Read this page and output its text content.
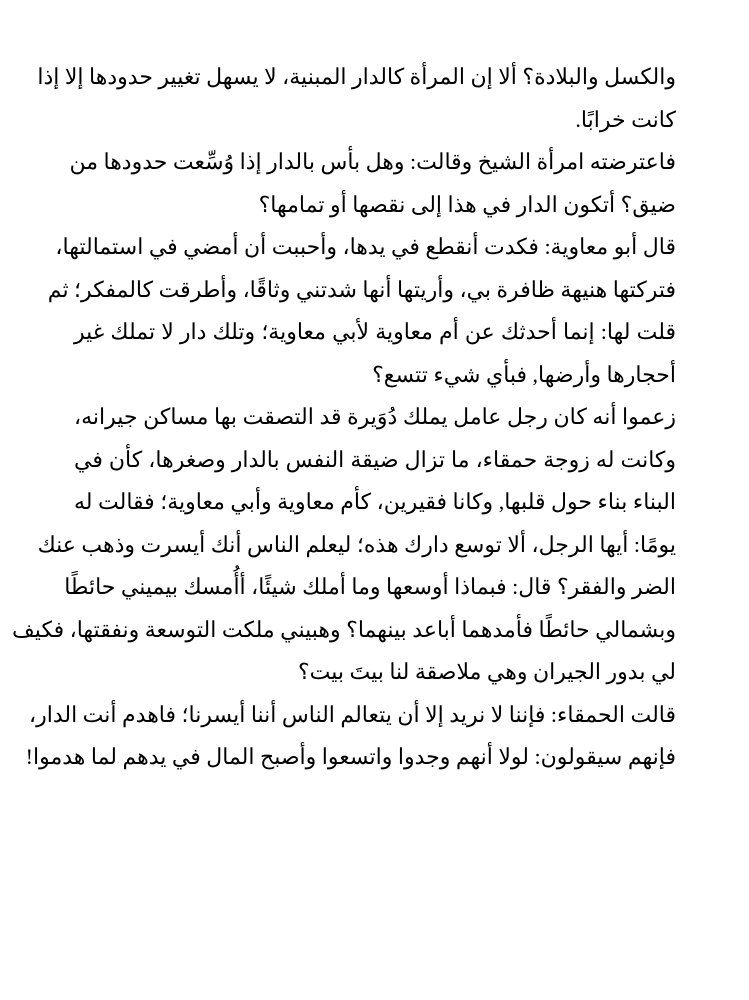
والكسل والبلادة؟ ألا إن المرأة كالدار المبنية، لا يسهل تغيير حدودها إلا إذا
كانت خرابًا.
فاعترضته امرأة الشيخ وقالت: وهل بأس بالدار إذا وُسِّعت حدودها من
ضيق؟ أتكون الدار في هذا إلى نقصها أو تمامها؟
قال أبو معاوية: فكدت أنقطع في يدها، وأحببت أن أمضي في استمالتها،
فتركتها هنيهة ظافرة بي، وأريتها أنها شدتني وثاقًا، وأطرقت كالمفكر؛ ثم
قلت لها: إنما أحدثك عن أم معاوية لأبي معاوية؛ وتلك دار لا تملك غير
أحجارها وأرضها, فبأي شيء تتسع؟
زعموا أنه كان رجل عامل يملك دُوَيرة قد التصقت بها مساكن جيرانه،
وكانت له زوجة حمقاء، ما تزال ضيقة النفس بالدار وصغرها، كأن في
البناء بناء حول قلبها, وكانا فقيرين، كأم معاوية وأبي معاوية؛ فقالت له
يومًا: أيها الرجل، ألا توسع دارك هذه؛ ليعلم الناس أنك أيسرت وذهب عنك
الضر والفقر؟ قال: فبماذا أوسعها وما أملك شيئًا، أأُمسك بيميني حائطًا
وبشمالي حائطًا فأمدهما أباعد بينهما؟ وهبيني ملكت التوسعة ونفقتها، فكيف
لي بدور الجيران وهي ملاصقة لنا بيتَ بيت؟
قالت الحمقاء: فإننا لا نريد إلا أن يتعالم الناس أننا أيسرنا؛ فاهدم أنت الدار،
فإنهم سيقولون: لولا أنهم وجدوا واتسعوا وأصبح المال في يدهم لما هدموا!
